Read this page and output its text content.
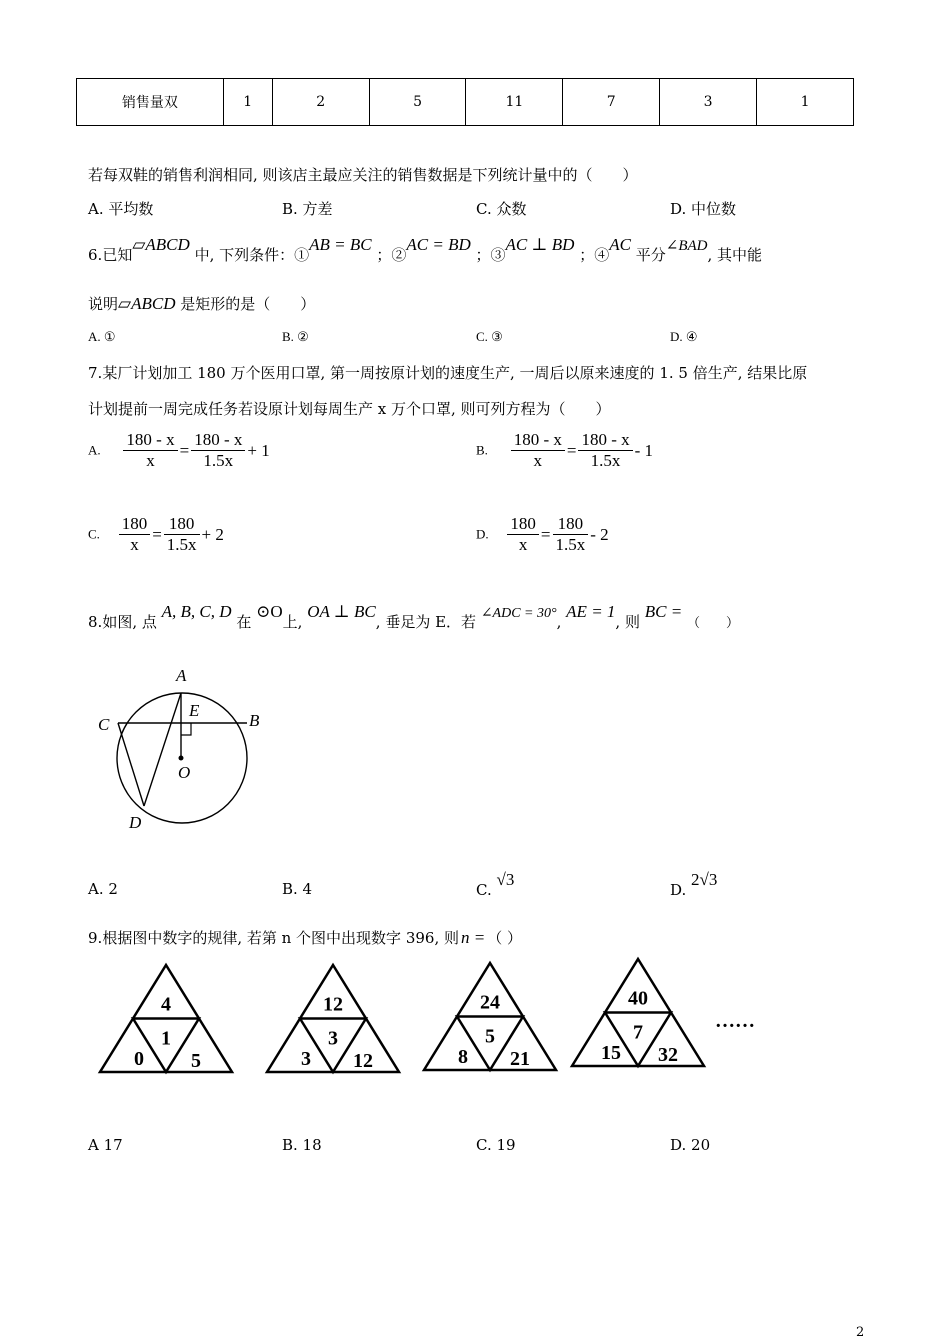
销售量双	1	2	5	11	7	3	1
若每双鞋的销售利润相同, 则该店主最应关注的销售数据是下列统计量中的（　　）
A. 平均数	B. 方差	C. 众数	D. 中位数
6.已知▱ABCD 中, 下列条件：①AB = BC ；②AC = BD ；③AC ⊥ BD ；④AC 平分∠BAD, 其中能
说明▱ABCD 是矩形的是（　　）
A. ①	B. ②	C. ③	D. ④
7.某厂计划加工 180 万个医用口罩, 第一周按原计划的速度生产, 一周后以原来速度的 1. 5 倍生产, 结果比原
计划提前一周完成任务若设原计划每周生产 x 万个口罩, 则可列方程为（　　）
A. $\frac{180 - x}{x} = \frac{180 - x}{1.5x} + 1$	B. $\frac{180 - x}{x} = \frac{180 - x}{1.5x} - 1$
C. $\frac{180}{x} = \frac{180}{1.5x} + 2$	D. $\frac{180}{x} = \frac{180}{1.5x} - 2$
8.如图, 点 A, B, C, D 在 ⊙O上, OA ⊥ BC, 垂足为 E．若 ∠ADC = 30°, AE = 1, 则 BC = （　　）
A
B
C
D
E
O
A. 2	B. 4	C. √3
D. 2√3
9.根据图中数字的规律, 若第 n 个图中出现数字 396, 则 n = （ ）
4
1
0 5
12
3
3 12
24
5
8 21
40
7
15 32
……
A 17	B. 18	C. 19	D. 20
2
